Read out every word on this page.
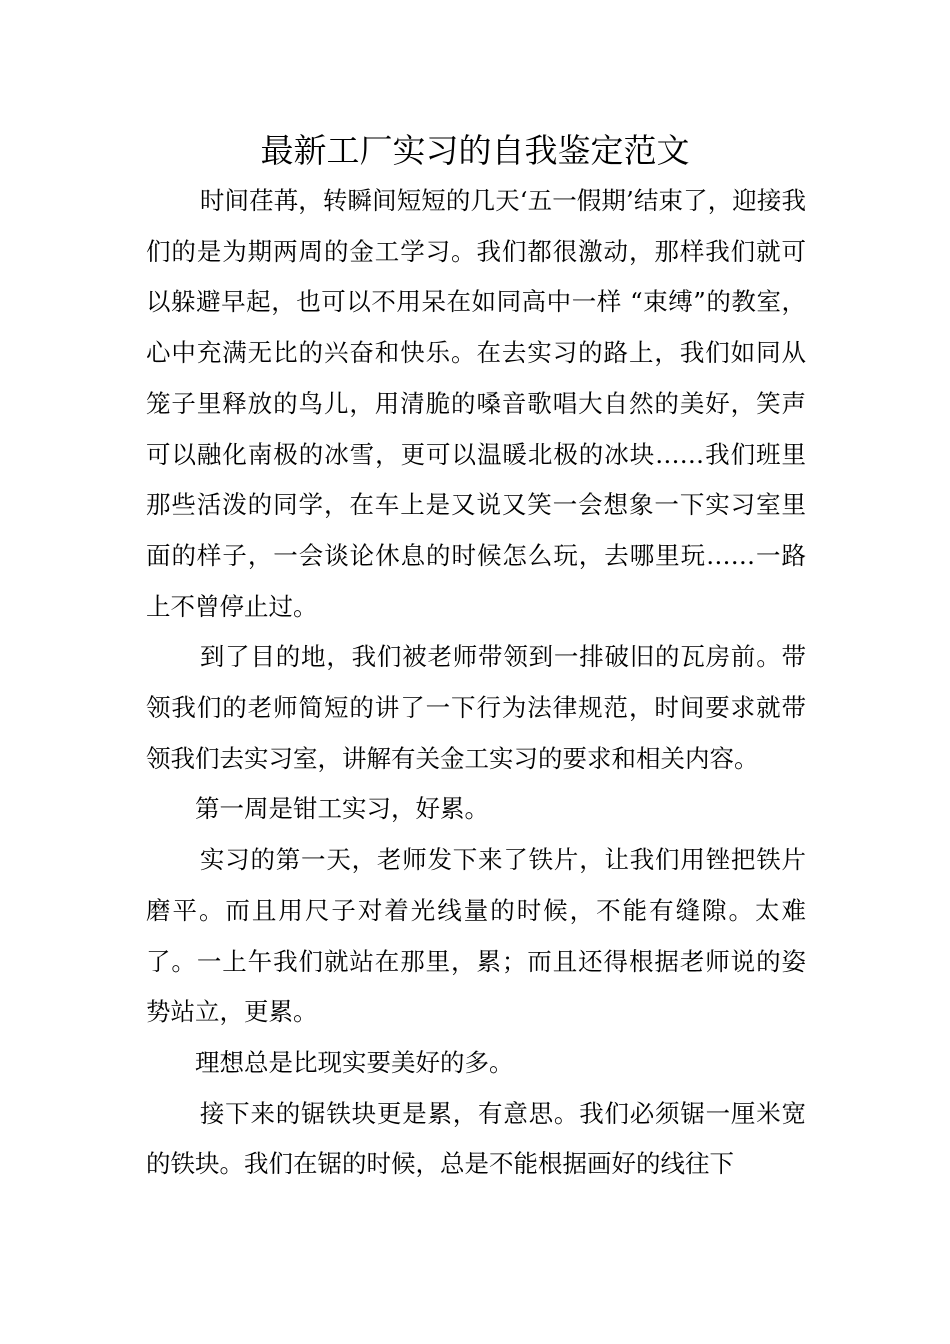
最新工厂实习的自我鉴定范文

时间荏苒，转瞬间短短的几天‘五一假期’结束了，迎接我们的是为期两周的金工学习。我们都很激动，那样我们就可以躲避早起，也可以不用呆在如同高中一样 “束缚”的教室，心中充满无比的兴奋和快乐。在去实习的路上，我们如同从笼子里释放的鸟儿，用清脆的嗓音歌唱大自然的美好，笑声可以融化南极的冰雪，更可以温暖北极的冰块……我们班里那些活泼的同学，在车上是又说又笑一会想象一下实习室里面的样子，一会谈论休息的时候怎么玩，去哪里玩……一路上不曾停止过。

到了目的地，我们被老师带领到一排破旧的瓦房前。带领我们的老师简短的讲了一下行为法律规范，时间要求就带领我们去实习室，讲解有关金工实习的要求和相关内容。

第一周是钳工实习，好累。

实习的第一天，老师发下来了铁片，让我们用锉把铁片磨平。而且用尺子对着光线量的时候，不能有缝隙。太难了。一上午我们就站在那里，累；而且还得根据老师说的姿势站立，更累。

理想总是比现实要美好的多。

接下来的锯铁块更是累，有意思。我们必须锯一厘米宽的铁块。我们在锯的时候，总是不能根据画好的线往下
